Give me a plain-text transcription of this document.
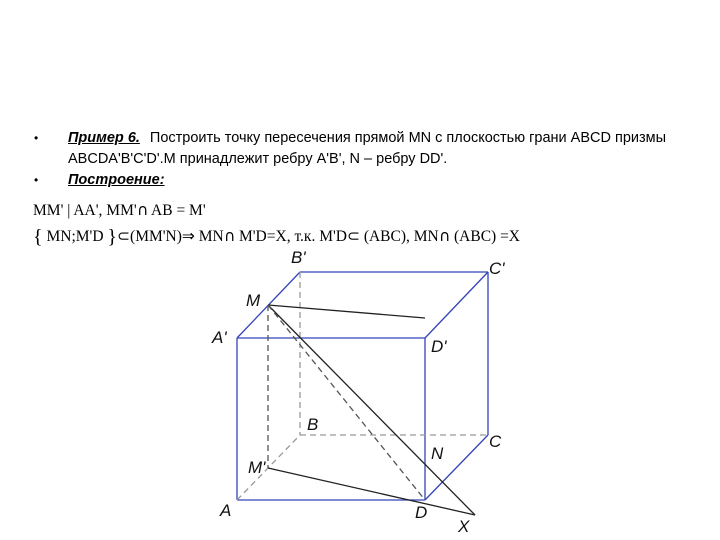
• Пример 6. Построить точку пересечения прямой MN с плоскостью грани ABCD призмы ABCDA'B'C'D'.M принадлежит ребру A'B', N – ребру DD'.
• Построение:
MM' | AA', MM'∪ AB = M'
{ MN;M'D }⊂(MM'N)⇒ MN∪ M'D=X, т.к. M'D⊂ (ABC), MN∪ (ABC) =X
B'
C'
M
A'	D'
B
C
N
M'
A	D
X
